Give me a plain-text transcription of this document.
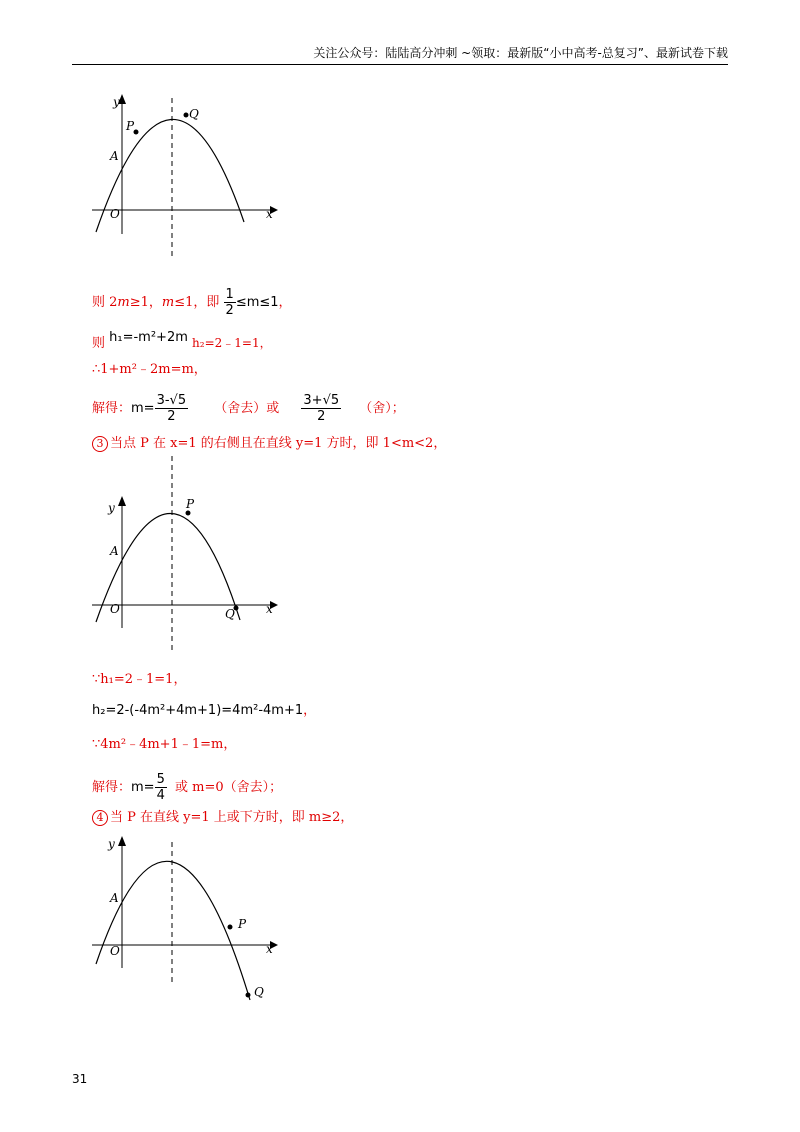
关注公众号：陆陆高分冲刺 ~领取：最新版“小中高考-总复习”、最新试卷下载
P
Q
A
O
y
x
则 2m≥1，m≤1，即 $\frac{1}{2} \le m\le 1$，
则 h₁=-m²+2m h₂=2﹣1=1，
∴1+m²﹣2m=m，
解得：$m= \frac{3-√5}{2}$ （舍去）或 $\frac{3+√5}{2}$ （舍）；
3 当点 P 在 x=1 的右侧且在直线 y=1 方时，即 1<m<2，
P
Q
A
O
y
x
∵h₁=2﹣1=1，
h₂=2-(-4m²+4m+1)=4m²-4m+1，
∵4m²﹣4m+1﹣1=m，
解得：$m= \frac{5}{4}$ 或 m=0（舍去）；
4 当 P 在直线 y=1 上或下方时，即 m≥2，
P
Q
A
O
y
x
31
